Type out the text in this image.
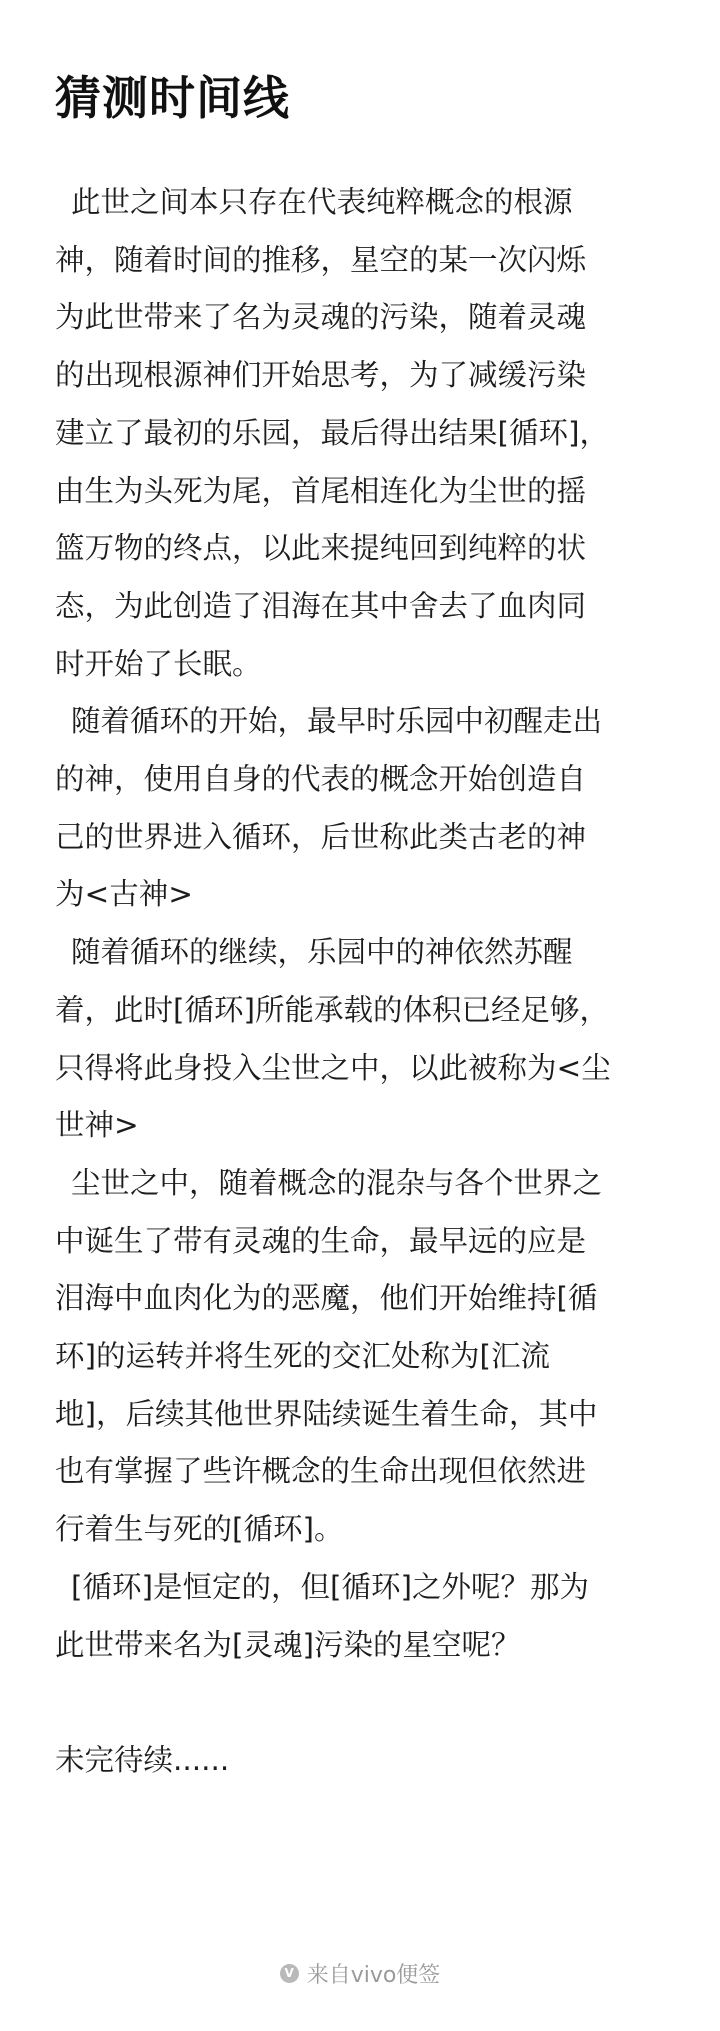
猜测时间线

此世之间本只存在代表纯粹概念的根源
神，随着时间的推移，星空的某一次闪烁
为此世带来了名为灵魂的污染，随着灵魂
的出现根源神们开始思考，为了减缓污染
建立了最初的乐园，最后得出结果[循环]，
由生为头死为尾，首尾相连化为尘世的摇
篮万物的终点，以此来提纯回到纯粹的状
态，为此创造了泪海在其中舍去了血肉同
时开始了长眠。

随着循环的开始，最早时乐园中初醒走出
的神，使用自身的代表的概念开始创造自
己的世界进入循环，后世称此类古老的神
为<古神>

随着循环的继续，乐园中的神依然苏醒
着，此时[循环]所能承载的体积已经足够，
只得将此身投入尘世之中，以此被称为<尘
世神>

尘世之中，随着概念的混杂与各个世界之
中诞生了带有灵魂的生命，最早远的应是
泪海中血肉化为的恶魔，他们开始维持[循
环]的运转并将生死的交汇处称为[汇流
地]，后续其他世界陆续诞生着生命，其中
也有掌握了些许概念的生命出现但依然进
行着生与死的[循环]。

[循环]是恒定的，但[循环]之外呢？那为
此世带来名为[灵魂]污染的星空呢？

未完待续......

V 来自vivo便签
